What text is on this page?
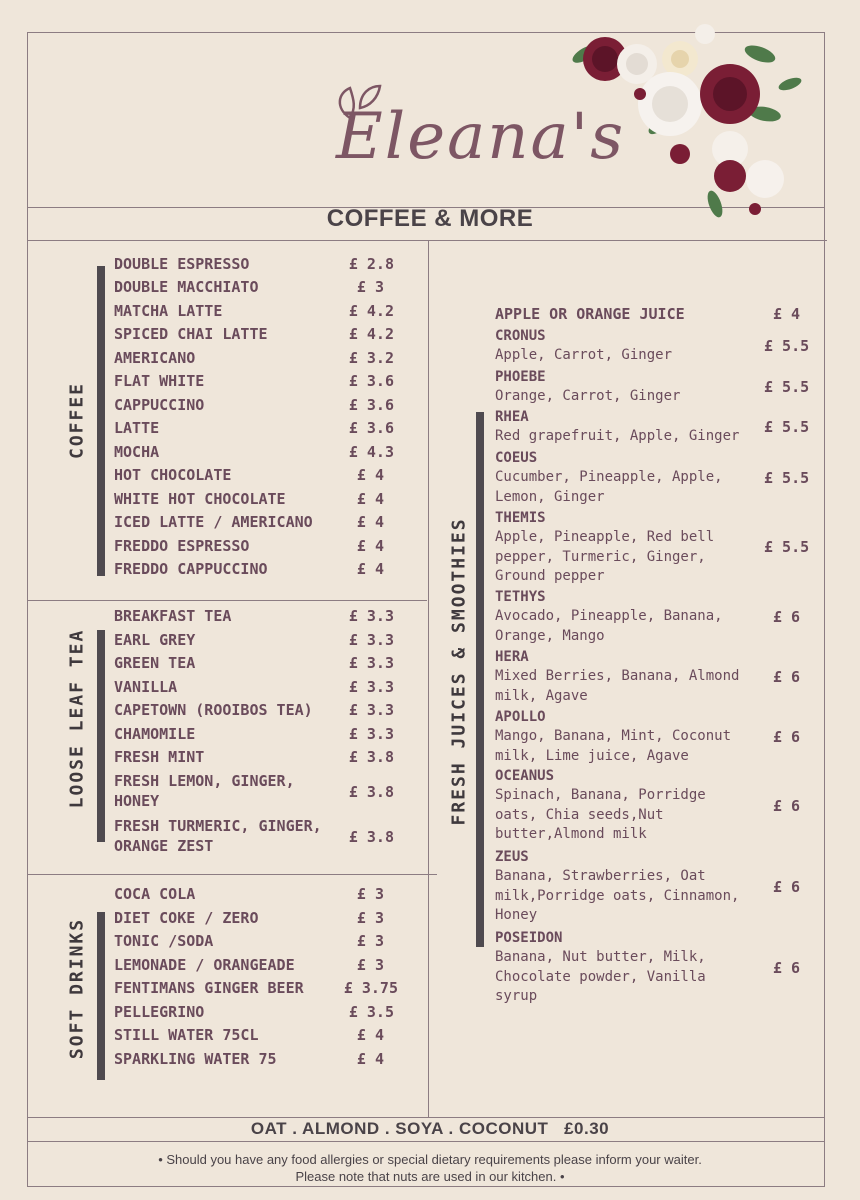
Eleana's
COFFEE & MORE
COFFEE
LOOSE LEAF TEA
SOFT DRINKS
FRESH JUICES & SMOOTHIES
DOUBLE ESPRESSO	£ 2.8
DOUBLE MACCHIATO	£ 3
MATCHA LATTE	£ 4.2
SPICED CHAI LATTE	£ 4.2
AMERICANO	£ 3.2
FLAT WHITE	£ 3.6
CAPPUCCINO	£ 3.6
LATTE	£ 3.6
MOCHA	£ 4.3
HOT CHOCOLATE	£ 4
WHITE HOT CHOCOLATE	£ 4
ICED LATTE / AMERICANO	£ 4
FREDDO ESPRESSO	£ 4
FREDDO CAPPUCCINO	£ 4
BREAKFAST TEA	£ 3.3
EARL GREY	£ 3.3
GREEN TEA	£ 3.3
VANILLA	£ 3.3
CAPETOWN (ROOIBOS TEA) £ 3.3
CHAMOMILE	£ 3.3
FRESH MINT	£ 3.8
FRESH LEMON, GINGER, HONEY	£ 3.8
FRESH TURMERIC, GINGER, ORANGE ZEST	£ 3.8
COCA COLA	£ 3
DIET COKE / ZERO	£ 3
TONIC /SODA	£ 3
LEMONADE / ORANGEADE	£ 3
FENTIMANS GINGER BEER	£ 3.75
PELLEGRINO	£ 3.5
STILL WATER 75CL	£ 4
SPARKLING WATER 75	£ 4
APPLE OR ORANGE JUICE	£ 4
CRONUS
Apple, Carrot, Ginger	£ 5.5
PHOEBE
Orange, Carrot, Ginger	£ 5.5
RHEA
Red grapefruit, Apple, Ginger	£ 5.5
COEUS
Cucumber, Pineapple, Apple, Lemon, Ginger
£ 5.5
THEMIS
Apple, Pineapple, Red bell pepper, Turmeric, Ginger, Ground pepper
£ 5.5
TETHYS
Avocado, Pineapple, Banana, Orange, Mango
£ 6
HERA
Mixed Berries, Banana, Almond milk, Agave
£ 6
APOLLO
Mango, Banana, Mint, Coconut milk, Lime juice, Agave
£ 6
OCEANUS
Spinach, Banana, Porridge oats, Chia seeds,Nut butter,Almond milk
£ 6
ZEUS
Banana, Strawberries, Oat milk,Porridge oats, Cinnamon, Honey
£ 6
POSEIDON
Banana, Nut butter, Milk, Chocolate powder, Vanilla syrup
£ 6
OAT . ALMOND . SOYA . COCONUT   £0.30
• Should you have any food allergies or special dietary requirements please inform your waiter.
Please note that nuts are used in our kitchen. •
